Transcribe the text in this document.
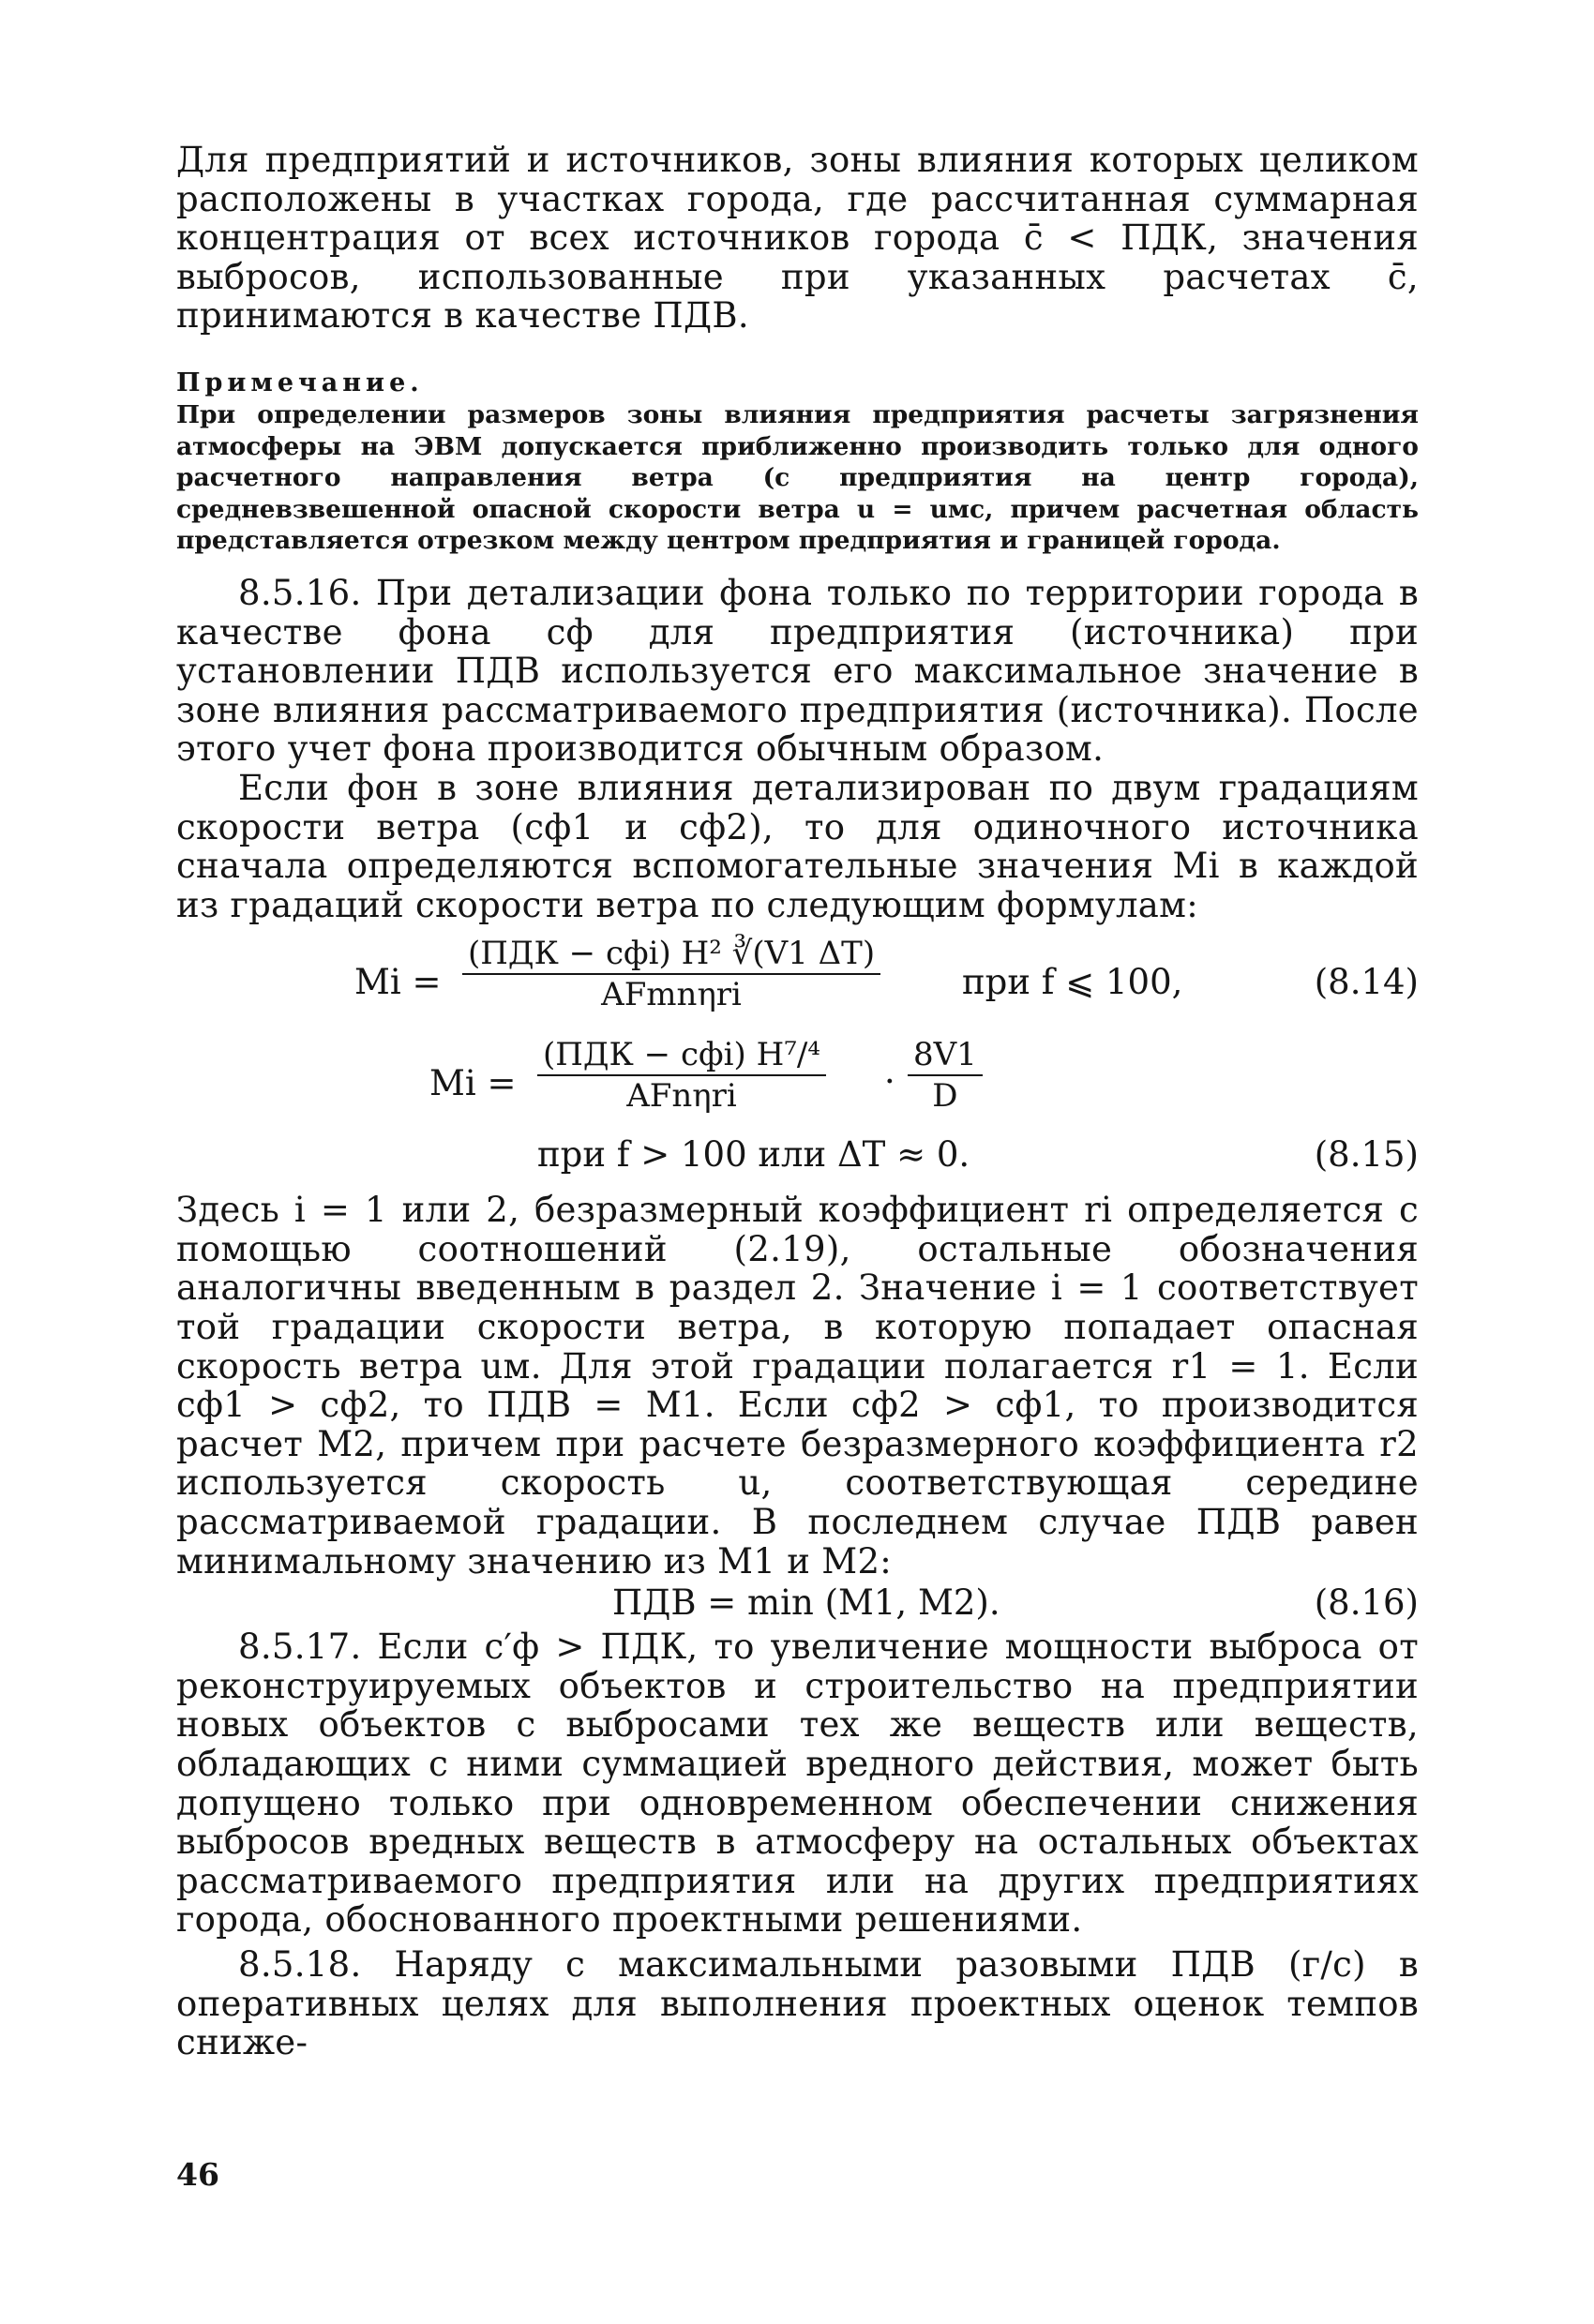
Для предприятий и источников, зоны влияния которых целиком расположены в участках города, где рассчитанная суммарная концентрация от всех источников города c̄ < ПДК, значения выбросов, использованные при указанных расчетах c̄, принимаются в качестве ПДВ.

Примечание.

При определении размеров зоны влияния предприятия расчеты загрязнения атмосферы на ЭВМ допускается приближенно производить только для одного расчетного направления ветра (с предприятия на центр города), средневзвешенной опасной скорости ветра u = uмс, причем расчетная область представляется отрезком между центром предприятия и границей города.

8.5.16. При детализации фона только по территории города в качестве фона cф для предприятия (источника) при установлении ПДВ используется его максимальное значение в зоне влияния рассматриваемого предприятия (источника). После этого учет фона производится обычным образом.

Если фон в зоне влияния детализирован по двум градациям скорости ветра (cф1 и cф2), то для одиночного источника сначала определяются вспомогательные значения Mi в каждой из градаций скорости ветра по следующим формулам:

Mi =
(ПДК − cфi) H² ∛(V1 ΔT)
AFmnηri	при f ⩽ 100,	(8.14)
Mi =
(ПДК − cфi) H⁷/⁴
AFnηri	·
8V1
D
при f > 100 или ΔT ≈ 0.	(8.15)

Здесь i = 1 или 2, безразмерный коэффициент ri определяется с помощью соотношений (2.19), остальные обозначения аналогичны введенным в раздел 2. Значение i = 1 соответствует той градации скорости ветра, в которую попадает опасная скорость ветра uм. Для этой градации полагается r1 = 1. Если cф1 > cф2, то ПДВ = M1. Если cф2 > cф1, то производится расчет M2, причем при расчете безразмерного коэффициента r2 используется скорость u, соответствующая середине рассматриваемой градации. В последнем случае ПДВ равен минимальному значению из M1 и M2:

ПДВ = min (M1, M2).	(8.16)

8.5.17. Если c′ф > ПДК, то увеличение мощности выброса от реконструируемых объектов и строительство на предприятии новых объектов с выбросами тех же веществ или веществ, обладающих с ними суммацией вредного действия, может быть допущено только при одновременном обеспечении снижения выбросов вредных веществ в атмосферу на остальных объектах рассматриваемого предприятия или на других предприятиях города, обоснованного проектными решениями.

8.5.18. Наряду с максимальными разовыми ПДВ (г/с) в оперативных целях для выполнения проектных оценок темпов сниже-

46
